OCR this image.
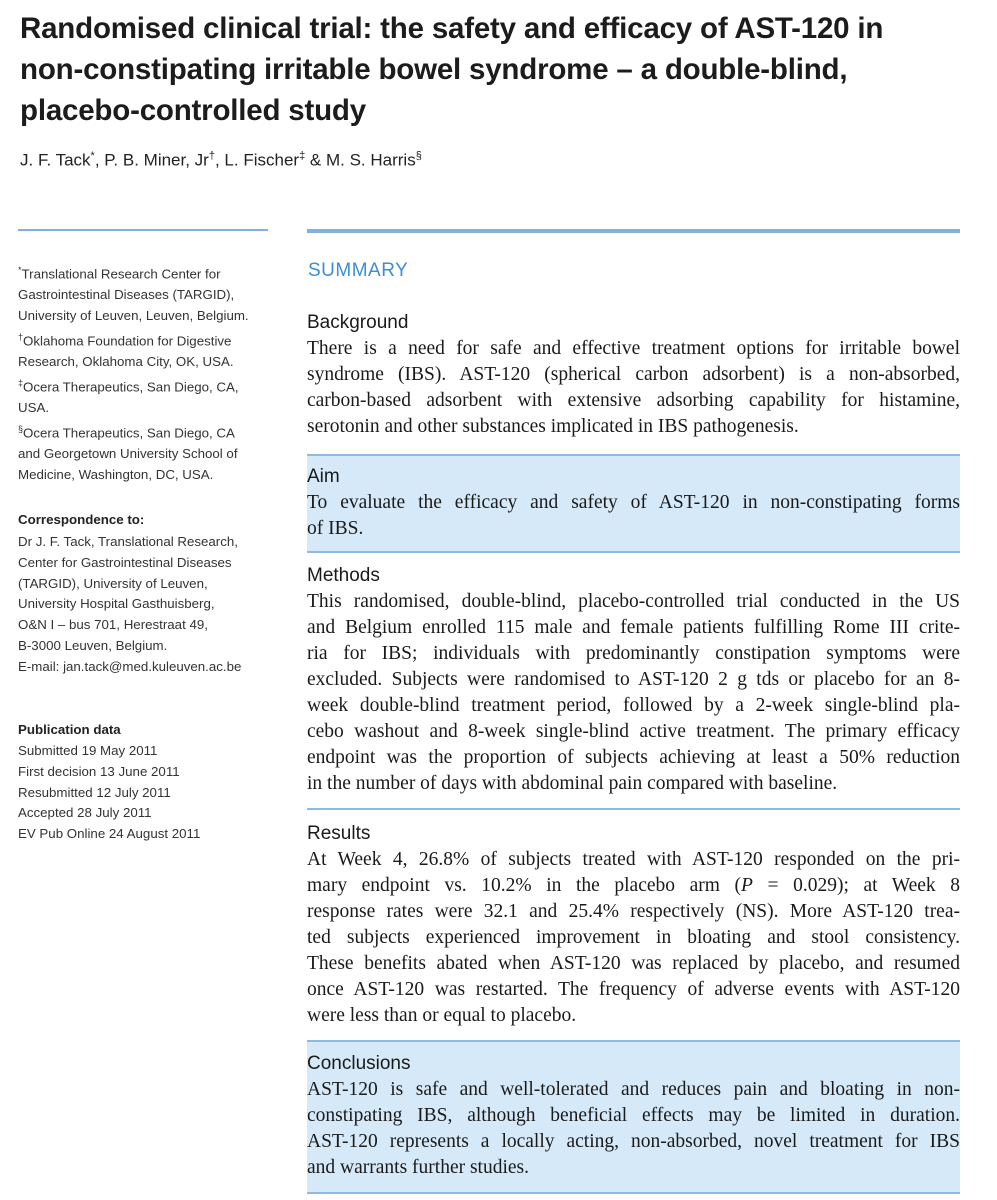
Randomised clinical trial: the safety and efficacy of AST-120 in
non-constipating irritable bowel syndrome – a double-blind,
placebo-controlled study
J. F. Tack*, P. B. Miner, Jr†, L. Fischer‡ & M. S. Harris§
*Translational Research Center for
Gastrointestinal Diseases (TARGID),
University of Leuven, Leuven, Belgium.
†Oklahoma Foundation for Digestive
Research, Oklahoma City, OK, USA.
‡Ocera Therapeutics, San Diego, CA,
USA.
§Ocera Therapeutics, San Diego, CA
and Georgetown University School of
Medicine, Washington, DC, USA.
Correspondence to:
Dr J. F. Tack, Translational Research,
Center for Gastrointestinal Diseases
(TARGID), University of Leuven,
University Hospital Gasthuisberg,
O&N I – bus 701, Herestraat 49,
B-3000 Leuven, Belgium.
E-mail: jan.tack@med.kuleuven.ac.be
Publication data
Submitted 19 May 2011
First decision 13 June 2011
Resubmitted 12 July 2011
Accepted 28 July 2011
EV Pub Online 24 August 2011
SUMMARY
Background
There is a need for safe and effective treatment options for irritable bowel
syndrome (IBS). AST-120 (spherical carbon adsorbent) is a non-absorbed,
carbon-based adsorbent with extensive adsorbing capability for histamine,
serotonin and other substances implicated in IBS pathogenesis.
Aim
To evaluate the efficacy and safety of AST-120 in non-constipating forms
of IBS.
Methods
This randomised, double-blind, placebo-controlled trial conducted in the US
and Belgium enrolled 115 male and female patients fulfilling Rome III crite-
ria for IBS; individuals with predominantly constipation symptoms were
excluded. Subjects were randomised to AST-120 2 g tds or placebo for an 8-
week double-blind treatment period, followed by a 2-week single-blind pla-
cebo washout and 8-week single-blind active treatment. The primary efficacy
endpoint was the proportion of subjects achieving at least a 50% reduction
in the number of days with abdominal pain compared with baseline.
Results
At Week 4, 26.8% of subjects treated with AST-120 responded on the pri-
mary endpoint vs. 10.2% in the placebo arm (P = 0.029); at Week 8
response rates were 32.1 and 25.4% respectively (NS). More AST-120 trea-
ted subjects experienced improvement in bloating and stool consistency.
These benefits abated when AST-120 was replaced by placebo, and resumed
once AST-120 was restarted. The frequency of adverse events with AST-120
were less than or equal to placebo.
Conclusions
AST-120 is safe and well-tolerated and reduces pain and bloating in non-
constipating IBS, although beneficial effects may be limited in duration.
AST-120 represents a locally acting, non-absorbed, novel treatment for IBS
and warrants further studies.
